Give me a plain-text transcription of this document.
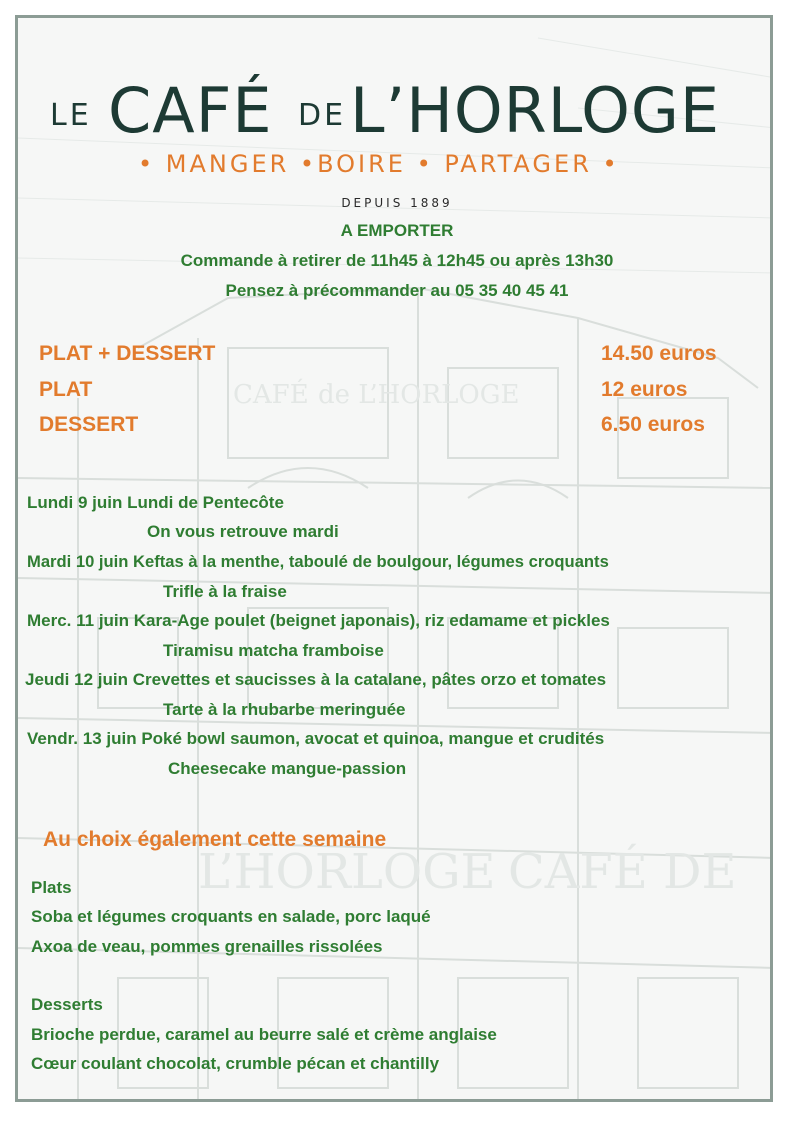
CAFÉ de L’HORLOGE
L’HORLOGE CAFÉ DE
LE CAFÉ DE L’HORLOGE
• MANGER •BOIRE • PARTAGER •
DEPUIS 1889
A EMPORTER
Commande à retirer de 11h45 à 12h45 ou après 13h30
Pensez à précommander au 05 35 40 45 41
PLAT + DESSERT	14.50 euros
PLAT	12 euros
DESSERT	6.50 euros
Lundi 9 juin Lundi de Pentecôte
On vous retrouve mardi
Mardi 10 juin Keftas à la menthe, taboulé de boulgour, légumes croquants
Trifle à la fraise
Merc. 11 juin Kara-Age poulet (beignet japonais), riz edamame et pickles
Tiramisu matcha framboise
Jeudi 12 juin Crevettes et saucisses à la catalane, pâtes orzo et tomates
Tarte à la rhubarbe meringuée
Vendr. 13 juin Poké bowl saumon, avocat et quinoa, mangue et crudités
Cheesecake mangue-passion
Au choix également cette semaine
Plats
Soba et légumes croquants en salade, porc laqué
Axoa de veau, pommes grenailles rissolées
Desserts
Brioche perdue, caramel au beurre salé et crème anglaise
Cœur coulant chocolat, crumble pécan et chantilly
